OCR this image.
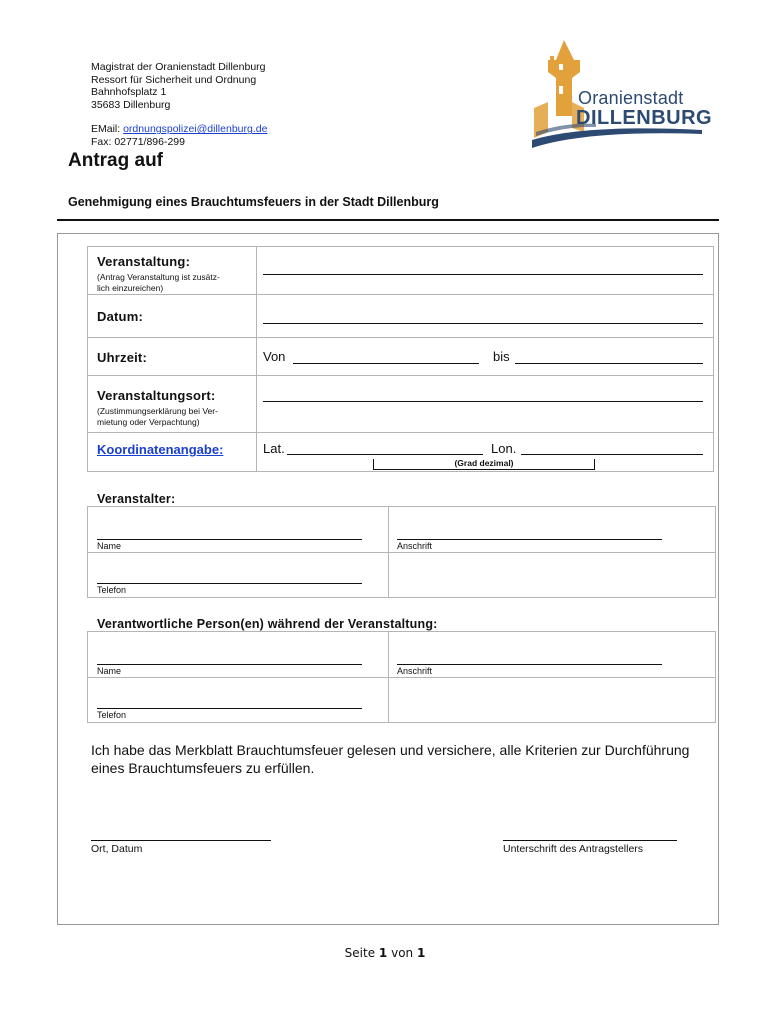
Magistrat der Oranienstadt Dillenburg
Ressort für Sicherheit und Ordnung
Bahnhofsplatz 1
35683 Dillenburg
EMail: ordnungspolizei@dillenburg.de
Fax: 02771/896-299
Oranienstadt
DILLENBURG
Antrag auf
Genehmigung eines Brauchtumsfeuers in der Stadt Dillenburg
Veranstaltung:
(Antrag Veranstaltung ist zusätz-
lich einzureichen)	

Datum:	

Uhrzeit:	Von bis

Veranstaltungsort:
(Zustimmungserklärung bei Ver-
mietung oder Verpachtung)	

Koordinatenangabe:	Lat. Lon.
(Grad dezimal)
Veranstalter:
Name	Anschrift

Telefon	

Verantwortliche Person(en) während der Veranstaltung:
Name	Anschrift

Telefon	

Ich habe das Merkblatt Brauchtumsfeuer gelesen und versichere, alle Kriterien zur Durchführung eines Brauchtumsfeuers zu erfüllen.
Ort, Datum	Unterschrift des Antragstellers
Seite 1 von 1
